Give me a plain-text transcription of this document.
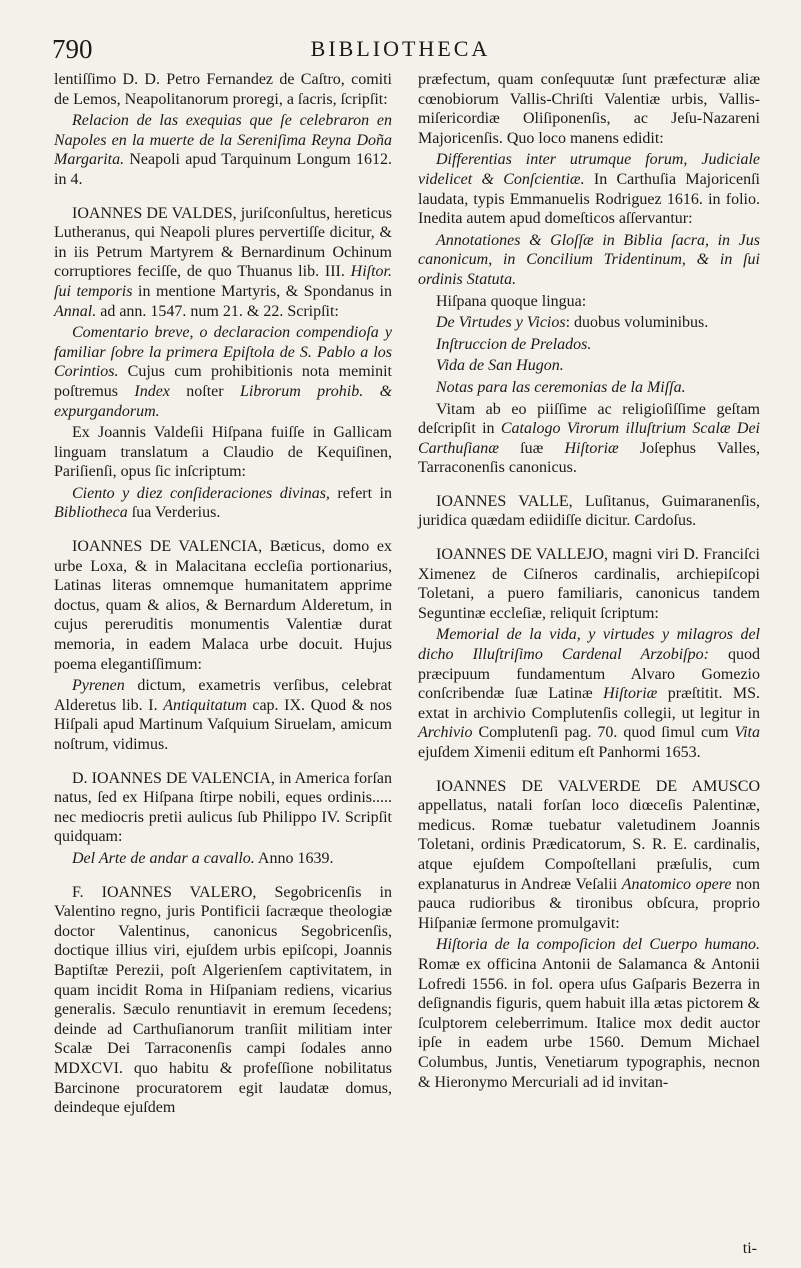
790	BIBLIOTHECA

lentiſſimo D. D. Petro Fernandez de Caſtro, comiti de Lemos, Neapolitanorum proregi, a ſacris, ſcripſit:

Relacion de las exequias que ſe celebraron en Napoles en la muerte de la Sereniſima Reyna Doña Margarita. Neapoli apud Tarquinum Longum 1612. in 4.

IOANNES DE VALDES, juriſconſultus, hereticus Lutheranus, qui Neapoli plures pervertiſſe dicitur, & in iis Petrum Martyrem & Bernardinum Ochinum corruptiores feciſſe, de quo Thuanus lib. III. Hiſtor. ſui temporis in mentione Martyris, & Spondanus in Annal. ad ann. 1547. num 21. & 22. Scripſit:

Comentario breve, o declaracion compendioſa y familiar ſobre la primera Epiſtola de S. Pablo a los Corintios. Cujus cum prohibitionis nota meminit poſtremus Index noſter Librorum prohib. & expurgandorum.

Ex Joannis Valdeſii Hiſpana fuiſſe in Gallicam linguam translatum a Claudio de Kequiſinen, Pariſienſi, opus ſic inſcriptum:

Ciento y diez conſideraciones divinas, refert in Bibliotheca ſua Verderius.

IOANNES DE VALENCIA, Bæticus, domo ex urbe Loxa, & in Malacitana eccleſia portionarius, Latinas literas omnemque humanitatem apprime doctus, quam & alios, & Bernardum Alderetum, in cujus pereruditis monumentis Valentiæ durat memoria, in eadem Malaca urbe docuit. Hujus poema elegantiſſimum:

Pyrenen dictum, exametris verſibus, celebrat Alderetus lib. I. Antiquitatum cap. IX. Quod & nos Hiſpali apud Martinum Vaſquium Siruelam, amicum noſtrum, vidimus.

D. IOANNES DE VALENCIA, in America forſan natus, ſed ex Hiſpana ſtirpe nobili, eques ordinis..... nec mediocris pretii aulicus ſub Philippo IV. Scripſit quidquam:

Del Arte de andar a cavallo. Anno 1639.

F. IOANNES VALERO, Segobricenſis in Valentino regno, juris Pontificii ſacræque theologiæ doctor Valentinus, canonicus Segobricenſis, doctique illius viri, ejuſdem urbis epiſcopi, Joannis Baptiſtæ Perezii, poſt Algerienſem captivitatem, in quam incidit Roma in Hiſpaniam rediens, vicarius generalis. Sæculo renuntiavit in eremum ſecedens; deinde ad Carthuſianorum tranſiit militiam inter Scalæ Dei Tarraconenſis campi ſodales anno MDXCVI. quo habitu & profeſſione nobilitatus Barcinone procuratorem egit laudatæ domus, deindeque ejuſdem

præfectum, quam conſequutæ ſunt præfecturæ aliæ cœnobiorum Vallis-Chriſti Valentiæ urbis, Vallis-miſericordiæ Oliſiponenſis, ac Jeſu-Nazareni Majoricenſis. Quo loco manens edidit:

Differentias inter utrumque forum, Judiciale videlicet & Conſcientiæ. In Carthuſia Majoricenſi laudata, typis Emmanuelis Rodriguez 1616. in folio. Inedita autem apud domeſticos aſſervantur:

Annotationes & Gloſſæ in Biblia ſacra, in Jus canonicum, in Concilium Tridentinum, & in ſui ordinis Statuta.

Hiſpana quoque lingua:

De Virtudes y Vicios: duobus voluminibus.

Inſtruccion de Prelados.

Vida de San Hugon.

Notas para las ceremonias de la Miſſa.

Vitam ab eo piiſſime ac religioſiſſime geſtam deſcripſit in Catalogo Virorum illuſtrium Scalæ Dei Carthuſianæ ſuæ Hiſtoriæ Joſephus Valles, Tarraconenſis canonicus.

IOANNES VALLE, Luſitanus, Guimaranenſis, juridica quædam ediidiſſe dicitur. Cardoſus.

IOANNES DE VALLEJO, magni viri D. Franciſci Ximenez de Ciſneros cardinalis, archiepiſcopi Toletani, a puero familiaris, canonicus tandem Seguntinæ eccleſiæ, reliquit ſcriptum:

Memorial de la vida, y virtudes y milagros del dicho Illuſtriſimo Cardenal Arzobiſpo: quod præcipuum fundamentum Alvaro Gomezio conſcribendæ ſuæ Latinæ Hiſtoriæ præſtitit. MS. extat in archivio Complutenſis collegii, ut legitur in Archivio Complutenſi pag. 70. quod ſimul cum Vita ejuſdem Ximenii editum eſt Panhormi 1653.

IOANNES DE VALVERDE DE AMUSCO appellatus, natali forſan loco diœceſis Palentinæ, medicus. Romæ tuebatur valetudinem Joannis Toletani, ordinis Prædicatorum, S. R. E. cardinalis, atque ejuſdem Compoſtellani præſulis, cum explanaturus in Andreæ Veſalii Anatomico opere non pauca rudioribus & tironibus obſcura, proprio Hiſpaniæ ſermone promulgavit:

Hiſtoria de la compoſicion del Cuerpo humano. Romæ ex officina Antonii de Salamanca & Antonii Lofredi 1556. in fol. opera uſus Gaſparis Bezerra in deſignandis figuris, quem habuit illa ætas pictorem & ſculptorem celeberrimum. Italice mox dedit auctor ipſe in eadem urbe 1560. Demum Michael Columbus, Juntis, Venetiarum typographis, necnon & Hieronymo Mercuriali ad id invitan-

ti-
